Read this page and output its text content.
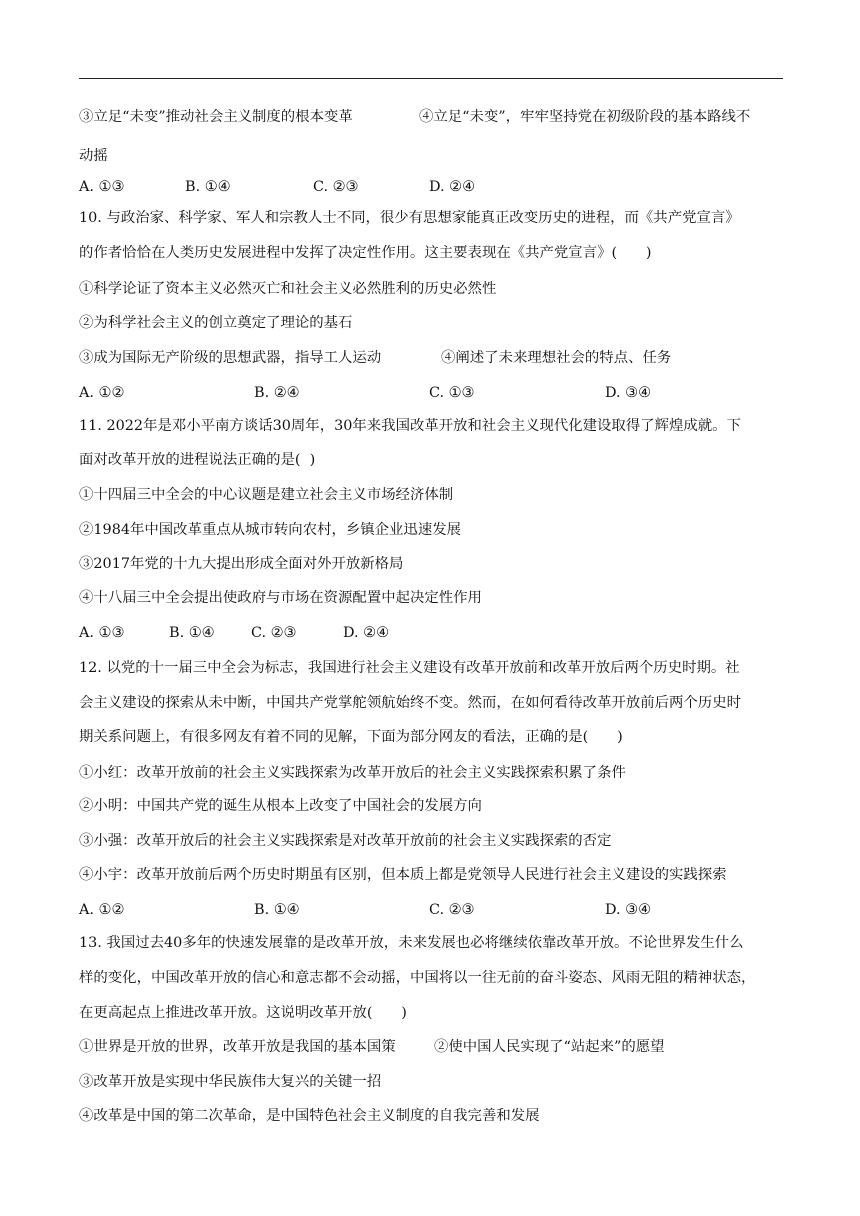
③立足“未变”推动社会主义制度的根本变革	④立足“未变”，牢牢坚持党在初级阶段的基本路线不
动摇
A. ①③	B. ①④	C. ②③	D. ②④
10. 与政治家、科学家、军人和宗教人士不同，很少有思想家能真正改变历史的进程，而《共产党宣言》
的作者恰恰在人类历史发展进程中发挥了决定性作用。这主要表现在《共产党宣言》(　　)
①科学论证了资本主义必然灭亡和社会主义必然胜利的历史必然性
②为科学社会主义的创立奠定了理论的基石
③成为国际无产阶级的思想武器，指导工人运动	④阐述了未来理想社会的特点、任务
A. ①②	B. ②④	C. ①③	D. ③④
11. 2022年是邓小平南方谈话30周年，30年来我国改革开放和社会主义现代化建设取得了辉煌成就。下
面对改革开放的进程说法正确的是(  )
①十四届三中全会的中心议题是建立社会主义市场经济体制
②1984年中国改革重点从城市转向农村，乡镇企业迅速发展
③2017年党的十九大提出形成全面对外开放新格局
④十八届三中全会提出使政府与市场在资源配置中起决定性作用
A. ①③	B. ①④	C. ②③	D. ②④
12. 以党的十一届三中全会为标志，我国进行社会主义建设有改革开放前和改革开放后两个历史时期。社
会主义建设的探索从未中断，中国共产党掌舵领航始终不变。然而，在如何看待改革开放前后两个历史时
期关系问题上，有很多网友有着不同的见解，下面为部分网友的看法，正确的是(　　)
①小红：改革开放前的社会主义实践探索为改革开放后的社会主义实践探索积累了条件
②小明：中国共产党的诞生从根本上改变了中国社会的发展方向
③小强：改革开放后的社会主义实践探索是对改革开放前的社会主义实践探索的否定
④小宇：改革开放前后两个历史时期虽有区别，但本质上都是党领导人民进行社会主义建设的实践探索
A. ①②	B. ①④	C. ②③	D. ③④
13. 我国过去40多年的快速发展靠的是改革开放，未来发展也必将继续依靠改革开放。不论世界发生什么
样的变化，中国改革开放的信心和意志都不会动摇，中国将以一往无前的奋斗姿态、风雨无阻的精神状态，
在更高起点上推进改革开放。这说明改革开放(　　)
①世界是开放的世界，改革开放是我国的基本国策	②使中国人民实现了“站起来”的愿望
③改革开放是实现中华民族伟大复兴的关键一招
④改革是中国的第二次革命，是中国特色社会主义制度的自我完善和发展
